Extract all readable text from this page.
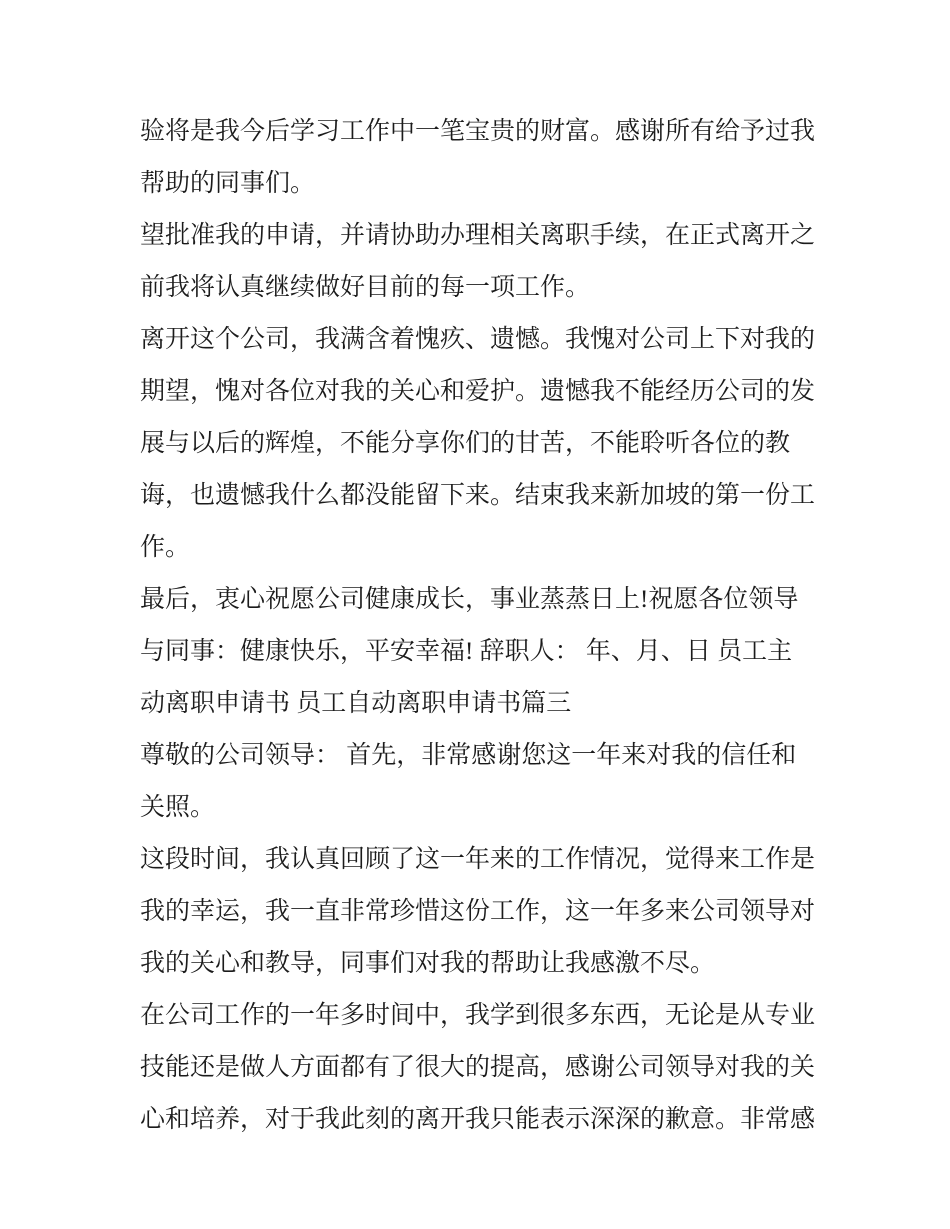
验将是我今后学习工作中一笔宝贵的财富。感谢所有给予过我

帮助的同事们。

望批准我的申请，并请协助办理相关离职手续，在正式离开之

前我将认真继续做好目前的每一项工作。

离开这个公司，我满含着愧疚、遗憾。我愧对公司上下对我的

期望，愧对各位对我的关心和爱护。遗憾我不能经历公司的发

展与以后的辉煌，不能分享你们的甘苦，不能聆听各位的教

诲，也遗憾我什么都没能留下来。结束我来新加坡的第一份工

作。

最后，衷心祝愿公司健康成长，事业蒸蒸日上!祝愿各位领导

与同事：健康快乐，平安幸福! 辞职人： 年、月、日 员工主

动离职申请书 员工自动离职申请书篇三

尊敬的公司领导： 首先，非常感谢您这一年来对我的信任和

关照。

这段时间，我认真回顾了这一年来的工作情况，觉得来工作是

我的幸运，我一直非常珍惜这份工作，这一年多来公司领导对

我的关心和教导，同事们对我的帮助让我感激不尽。

在公司工作的一年多时间中，我学到很多东西，无论是从专业

技能还是做人方面都有了很大的提高，感谢公司领导对我的关

心和培养，对于我此刻的离开我只能表示深深的歉意。非常感
